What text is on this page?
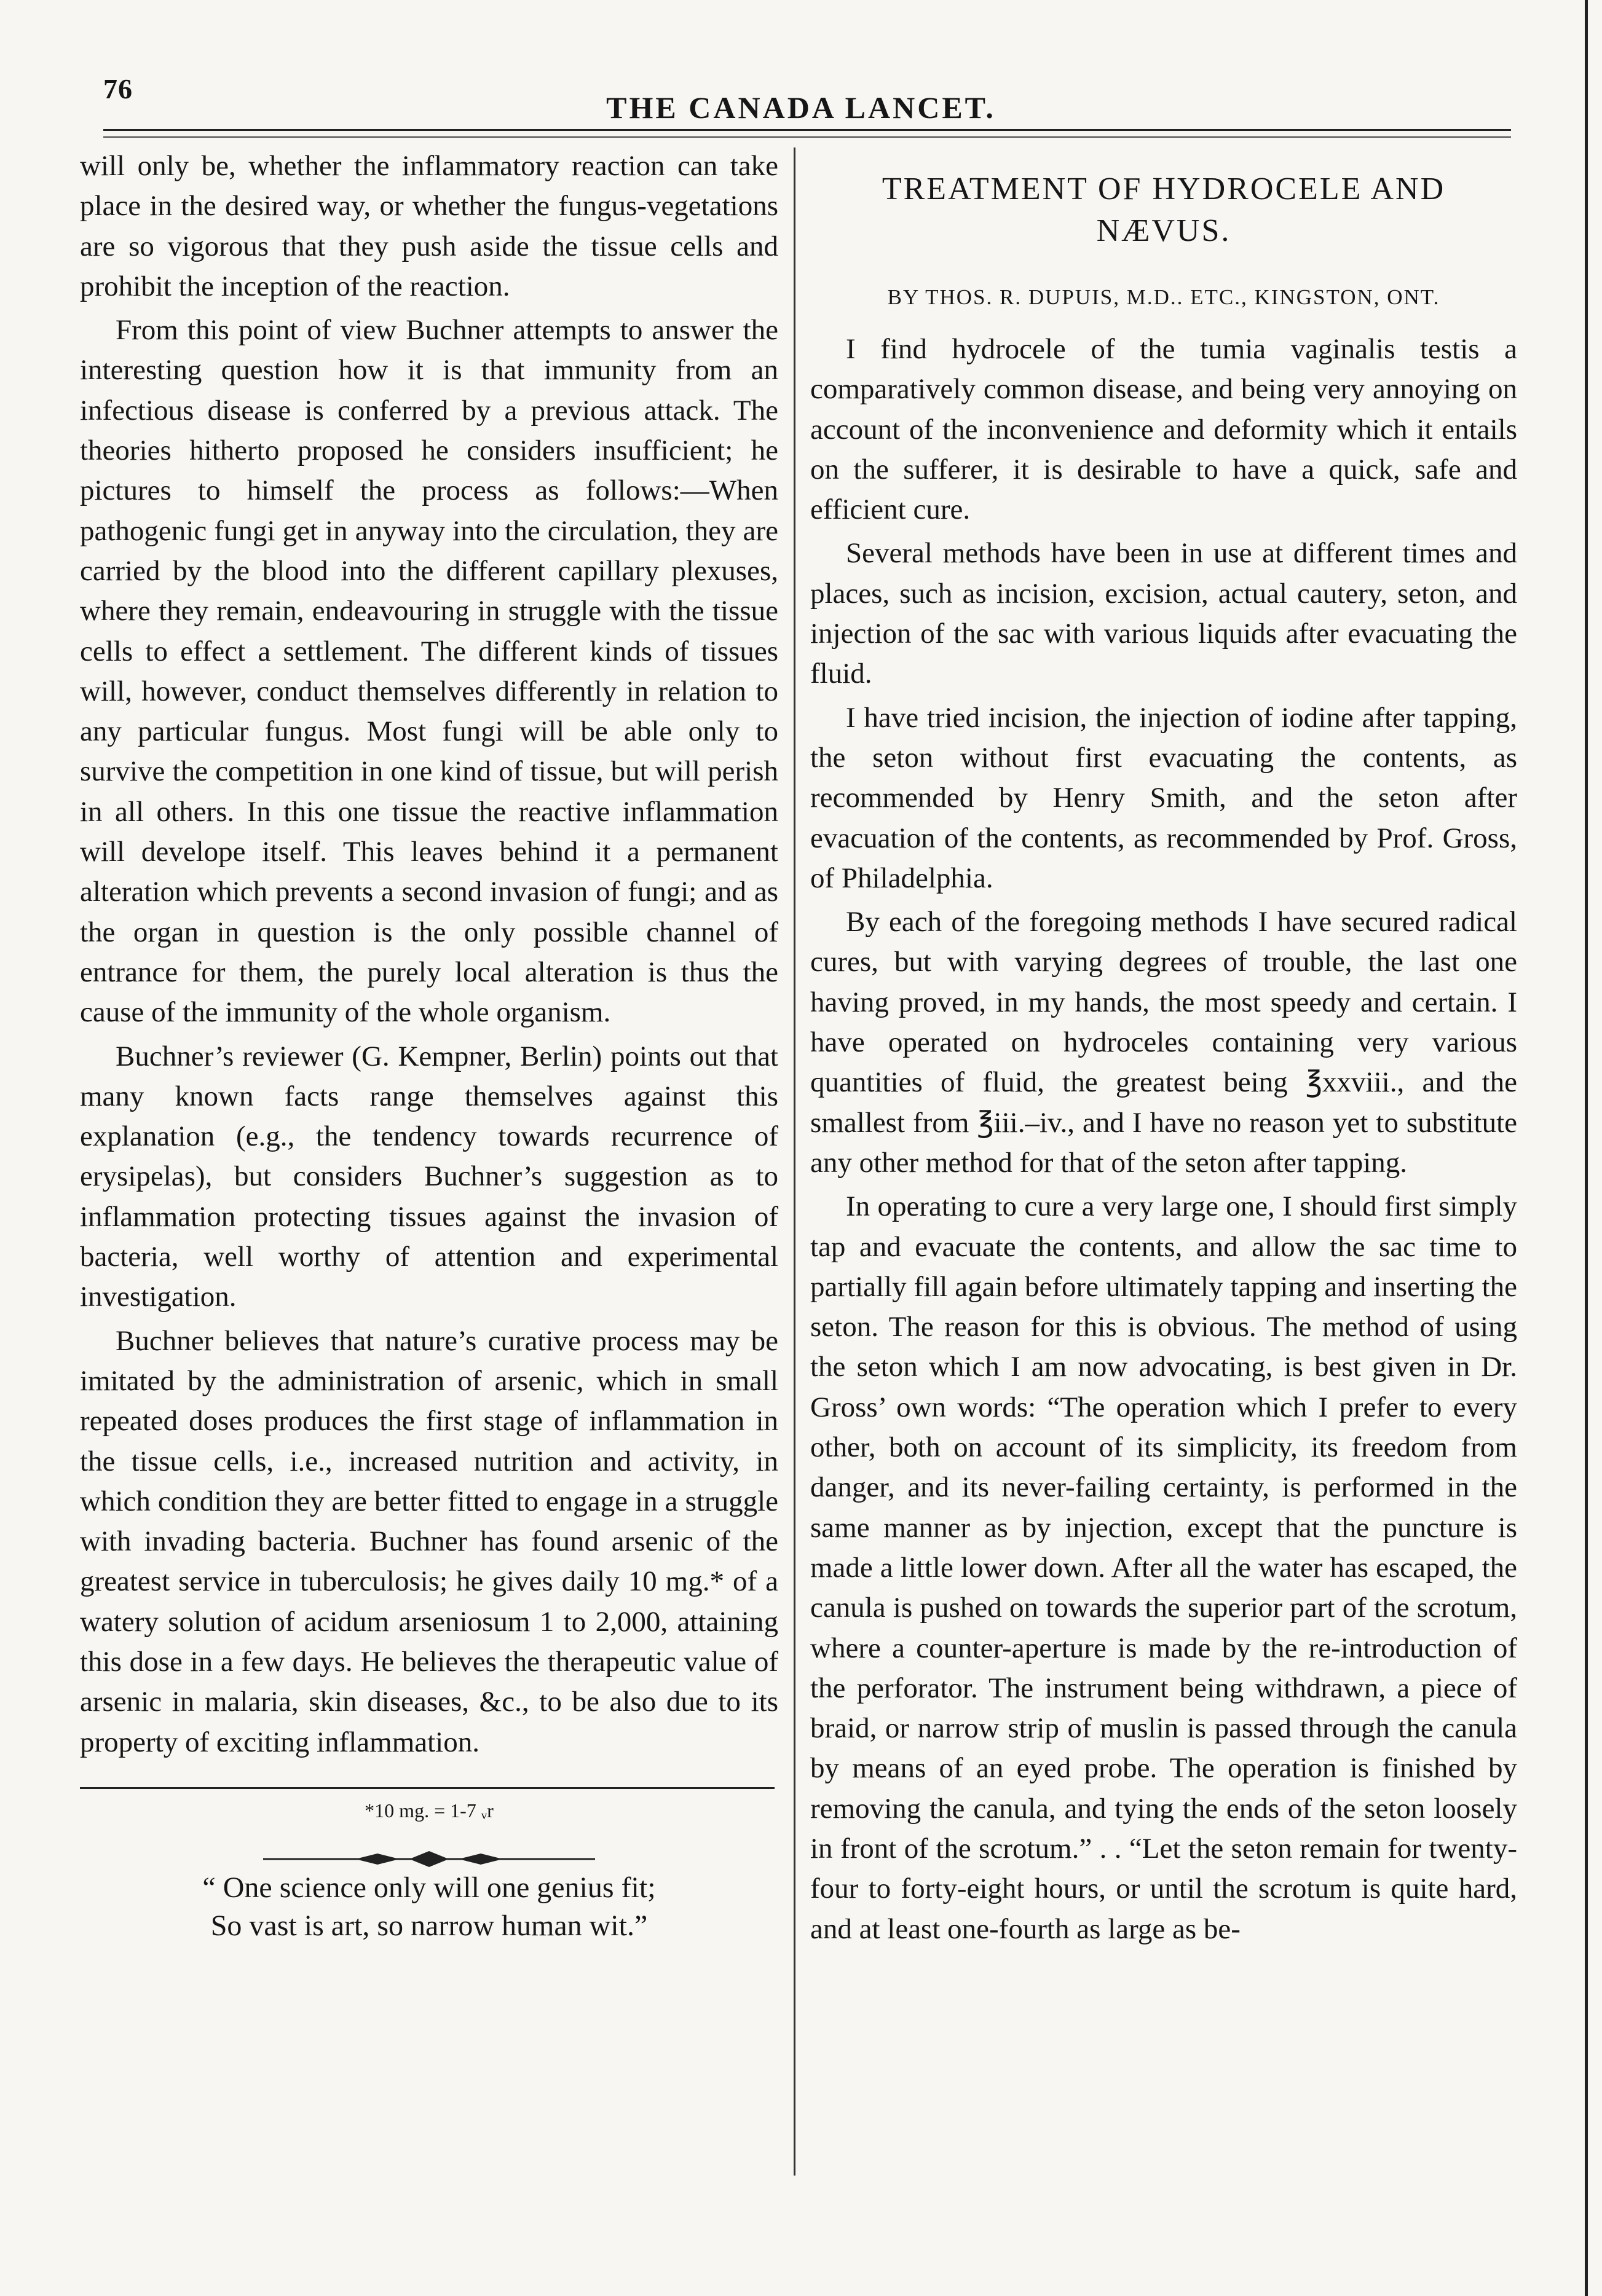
76
THE CANADA LANCET.

will only be, whether the inflammatory reaction can take place in the desired way, or whether the fungus-vegetations are so vigorous that they push aside the tissue cells and prohibit the inception of the reaction.

From this point of view Buchner attempts to answer the interesting question how it is that immunity from an infectious disease is conferred by a previous attack. The theories hitherto proposed he considers insufficient; he pictures to himself the process as follows:—When pathogenic fungi get in anyway into the circulation, they are carried by the blood into the different capillary plexuses, where they remain, endeavouring in struggle with the tissue cells to effect a settlement. The different kinds of tissues will, however, conduct themselves differently in relation to any particular fungus. Most fungi will be able only to survive the competition in one kind of tissue, but will perish in all others. In this one tissue the reactive inflammation will develope itself. This leaves behind it a permanent alteration which prevents a second invasion of fungi; and as the organ in question is the only possible channel of entrance for them, the purely local alteration is thus the cause of the immunity of the whole organism.

Buchner’s reviewer (G. Kempner, Berlin) points out that many known facts range themselves against this explanation (e.g., the tendency towards recurrence of erysipelas), but considers Buchner’s suggestion as to inflammation protecting tissues against the invasion of bacteria, well worthy of attention and experimental investigation.

Buchner believes that nature’s curative process may be imitated by the administration of arsenic, which in small repeated doses produces the first stage of inflammation in the tissue cells, i.e., increased nutrition and activity, in which condition they are better fitted to engage in a struggle with invading bacteria. Buchner has found arsenic of the greatest service in tuberculosis; he gives daily 10 mg.* of a watery solution of acidum arseniosum 1 to 2,000, attaining this dose in a few days. He believes the therapeutic value of arsenic in malaria, skin diseases, &c., to be also due to its property of exciting inflammation.

*10 mg. = 1-7 ᵥr
“ One science only will one genius fit;
So vast is art, so narrow human wit.”
TREATMENT OF HYDROCELE AND
NÆVUS.
BY THOS. R. DUPUIS, M.D.. ETC., KINGSTON, ONT.

I find hydrocele of the tumia vaginalis testis a comparatively common disease, and being very annoying on account of the inconvenience and deformity which it entails on the sufferer, it is desirable to have a quick, safe and efficient cure.

Several methods have been in use at different times and places, such as incision, excision, actual cautery, seton, and injection of the sac with various liquids after evacuating the fluid.

I have tried incision, the injection of iodine after tapping, the seton without first evacuating the contents, as recommended by Henry Smith, and the seton after evacuation of the contents, as recommended by Prof. Gross, of Philadelphia.

By each of the foregoing methods I have secured radical cures, but with varying degrees of trouble, the last one having proved, in my hands, the most speedy and certain. I have operated on hydroceles containing very various quantities of fluid, the greatest being ℥xxviii., and the smallest from ℥iii.–iv., and I have no reason yet to substitute any other method for that of the seton after tapping.

In operating to cure a very large one, I should first simply tap and evacuate the contents, and allow the sac time to partially fill again before ultimately tapping and inserting the seton. The reason for this is obvious. The method of using the seton which I am now advocating, is best given in Dr. Gross’ own words: “The operation which I prefer to every other, both on account of its simplicity, its freedom from danger, and its never-failing certainty, is performed in the same manner as by injection, except that the puncture is made a little lower down. After all the water has escaped, the canula is pushed on towards the superior part of the scrotum, where a counter-aperture is made by the re-introduction of the perforator. The instrument being withdrawn, a piece of braid, or narrow strip of muslin is passed through the canula by means of an eyed probe. The operation is finished by removing the canula, and tying the ends of the seton loosely in front of the scrotum.” . . “Let the seton remain for twenty-four to forty-eight hours, or until the scrotum is quite hard, and at least one-fourth as large as be-
